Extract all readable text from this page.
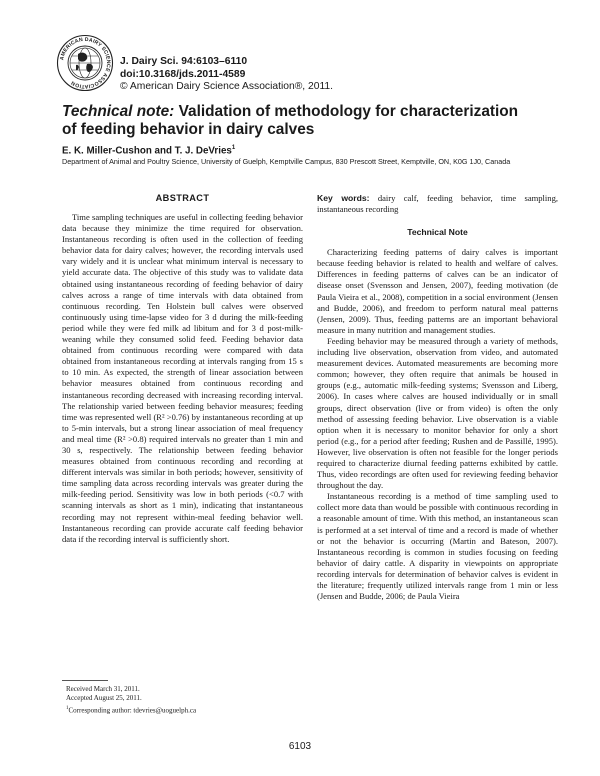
AMERICAN DAIRY SCIENCE ASSOCIATION
J. Dairy Sci. 94:6103–6110
doi:10.3168/jds.2011-4589
© American Dairy Science Association®, 2011.
Technical note: Validation of methodology for characterization
of feeding behavior in dairy calves
E. K. Miller-Cushon and T. J. DeVries$^1$
Department of Animal and Poultry Science, University of Guelph, Kemptville Campus, 830 Prescott Street, Kemptville, ON, K0G 1J0, Canada
ABSTRACT

Time sampling techniques are useful in collecting feeding behavior data because they minimize the time required for observation. Instantaneous recording is often used in the collection of feeding behavior data for dairy calves; however, the recording intervals used vary widely and it is unclear what minimum interval is necessary to yield accurate data. The objective of this study was to validate data obtained using instantaneous recording of feeding behavior of dairy calves across a range of time intervals with data obtained from continuous recording. Ten Holstein bull calves were observed continuously using time-lapse video for 3 d during the milk-feeding period while they were fed milk ad libitum and for 3 d post-milk-weaning while they consumed solid feed. Feeding behavior data obtained from continuous recording were compared with data obtained from instantaneous recording at intervals ranging from 15 s to 10 min. As expected, the strength of linear association between behavior measures obtained from continuous recording and instantaneous recording decreased with increasing recording interval. The relationship varied between feeding behavior measures; feeding time was represented well (R² >0.76) by instantaneous recording at up to 5-min intervals, but a strong linear association of meal frequency and meal time (R² >0.8) required intervals no greater than 1 min and 30 s, respectively. The relationship between feeding behavior measures obtained from continuous recording and recording at different intervals was similar in both periods; however, sensitivity of time sampling data across recording intervals was greater during the milk-feeding period. Sensitivity was low in both periods (<0.7 with scanning intervals as short as 1 min), indicating that instantaneous recording may not represent within-meal feeding behavior well. Instantaneous recording can provide accurate calf feeding behavior data if the recording interval is sufficiently short.

Key words: dairy calf, feeding behavior, time sampling, instantaneous recording

Technical Note

Characterizing feeding patterns of dairy calves is important because feeding behavior is related to health and welfare of calves. Differences in feeding patterns of calves can be an indicator of disease onset (Svensson and Jensen, 2007), feeding motivation (de Paula Vieira et al., 2008), competition in a social environment (Jensen and Budde, 2006), and freedom to perform natural meal patterns (Jensen, 2009). Thus, feeding patterns are an important behavioral measure in many nutrition and management studies.

Feeding behavior may be measured through a variety of methods, including live observation, observation from video, and automated measurement devices. Automated measurements are becoming more common; however, they often require that animals be housed in groups (e.g., automatic milk-feeding systems; Svensson and Liberg, 2006). In cases where calves are housed individually or in small groups, direct observation (live or from video) is often the only method of assessing feeding behavior. Live observation is a viable option when it is necessary to monitor behavior for only a short period (e.g., for a period after feeding; Rushen and de Passillé, 1995). However, live observation is often not feasible for the longer periods required to characterize diurnal feeding patterns exhibited by cattle. Thus, video recordings are often used for reviewing feeding behavior throughout the day.

Instantaneous recording is a method of time sampling used to collect more data than would be possible with continuous recording in a reasonable amount of time. With this method, an instantaneous scan is performed at a set interval of time and a record is made of whether or not the behavior is occurring (Martin and Bateson, 2007). Instantaneous recording is common in studies focusing on feeding behavior of dairy cattle. A disparity in viewpoints on appropriate recording intervals for determination of behavior calves is evident in the literature; frequently utilized intervals range from 1 min or less (Jensen and Budde, 2006; de Paula Vieira

Received March 31, 2011.
Accepted August 25, 2011.
$^1$Corresponding author: tdevries@uoguelph.ca
6103
